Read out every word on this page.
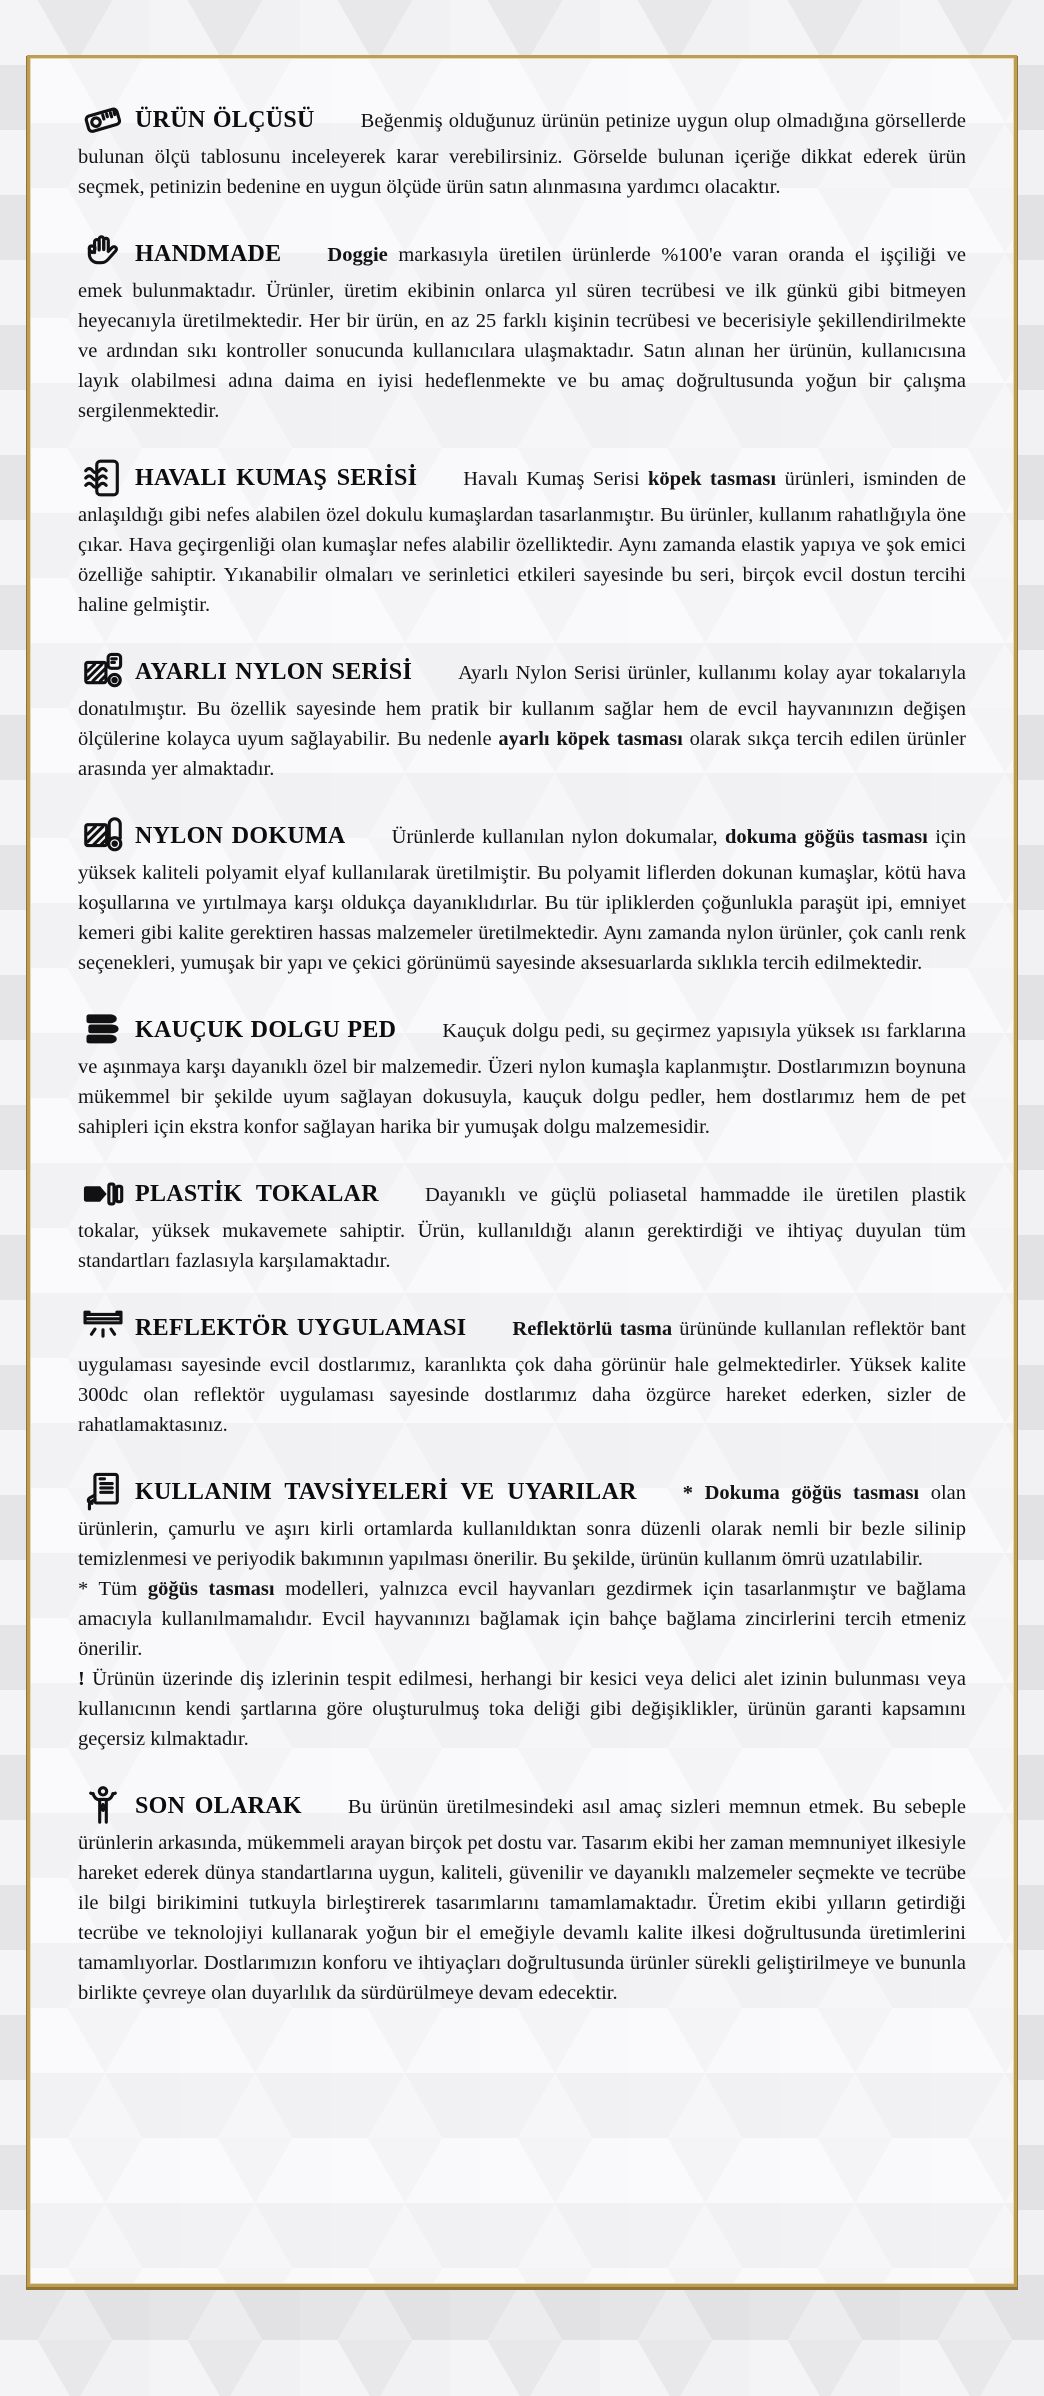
ÜRÜN ÖLÇÜSÜ Beğenmiş olduğunuz ürünün petinize uygun olup olmadığına görsellerde bulunan ölçü tablosunu inceleyerek karar verebilirsiniz. Görselde bulunan içeriğe dikkat ederek ürün seçmek, petinizin bedenine en uygun ölçüde ürün satın alınmasına yardımcı olacaktır.

HANDMADE Doggie markasıyla üretilen ürünlerde %100'e varan oranda el işçiliği ve emek bulunmaktadır. Ürünler, üretim ekibinin onlarca yıl süren tecrübesi ve ilk günkü gibi bitmeyen heyecanıyla üretilmektedir. Her bir ürün, en az 25 farklı kişinin tecrübesi ve becerisiyle şekillendirilmekte ve ardından sıkı kontroller sonucunda kullanıcılara ulaşmaktadır. Satın alınan her ürünün, kullanıcısına layık olabilmesi adına daima en iyisi hedeflenmekte ve bu amaç doğrultusunda yoğun bir çalışma sergilenmektedir.

HAVALI KUMAŞ SERİSİ Havalı Kumaş Serisi köpek tasması ürünleri, isminden de anlaşıldığı gibi nefes alabilen özel dokulu kumaşlardan tasarlanmıştır. Bu ürünler, kullanım rahatlığıyla öne çıkar. Hava geçirgenliği olan kumaşlar nefes alabilir özelliktedir. Aynı zamanda elastik yapıya ve şok emici özelliğe sahiptir. Yıkanabilir olmaları ve serinletici etkileri sayesinde bu seri, birçok evcil dostun tercihi haline gelmiştir.

AYARLI NYLON SERİSİ Ayarlı Nylon Serisi ürünler, kullanımı kolay ayar tokalarıyla donatılmıştır. Bu özellik sayesinde hem pratik bir kullanım sağlar hem de evcil hayvanınızın değişen ölçülerine kolayca uyum sağlayabilir. Bu nedenle ayarlı köpek tasması olarak sıkça tercih edilen ürünler arasında yer almaktadır.

NYLON DOKUMA Ürünlerde kullanılan nylon dokumalar, dokuma göğüs tasması için yüksek kaliteli polyamit elyaf kullanılarak üretilmiştir. Bu polyamit liflerden dokunan kumaşlar, kötü hava koşullarına ve yırtılmaya karşı oldukça dayanıklıdırlar. Bu tür ipliklerden çoğunlukla paraşüt ipi, emniyet kemeri gibi kalite gerektiren hassas malzemeler üretilmektedir. Aynı zamanda nylon ürünler, çok canlı renk seçenekleri, yumuşak bir yapı ve çekici görünümü sayesinde aksesuarlarda sıklıkla tercih edilmektedir.

KAUÇUK DOLGU PED Kauçuk dolgu pedi, su geçirmez yapısıyla yüksek ısı farklarına ve aşınmaya karşı dayanıklı özel bir malzemedir. Üzeri nylon kumaşla kaplanmıştır. Dostlarımızın boynuna mükemmel bir şekilde uyum sağlayan dokusuyla, kauçuk dolgu pedler, hem dostlarımız hem de pet sahipleri için ekstra konfor sağlayan harika bir yumuşak dolgu malzemesidir.

PLASTİK TOKALAR Dayanıklı ve güçlü poliasetal hammadde ile üretilen plastik tokalar, yüksek mukavemete sahiptir. Ürün, kullanıldığı alanın gerektirdiği ve ihtiyaç duyulan tüm standartları fazlasıyla karşılamaktadır.

REFLEKTÖR UYGULAMASI Reflektörlü tasma ürününde kullanılan reflektör bant uygulaması sayesinde evcil dostlarımız, karanlıkta çok daha görünür hale gelmektedirler. Yüksek kalite 300dc olan reflektör uygulaması sayesinde dostlarımız daha özgürce hareket ederken, sizler de rahatlamaktasınız.

KULLANIM TAVSİYELERİ VE UYARILAR * Dokuma göğüs tasması olan ürünlerin, çamurlu ve aşırı kirli ortamlarda kullanıldıktan sonra düzenli olarak nemli bir bezle silinip temizlenmesi ve periyodik bakımının yapılması önerilir. Bu şekilde, ürünün kullanım ömrü uzatılabilir.

* Tüm göğüs tasması modelleri, yalnızca evcil hayvanları gezdirmek için tasarlanmıştır ve bağlama amacıyla kullanılmamalıdır. Evcil hayvanınızı bağlamak için bahçe bağlama zincirlerini tercih etmeniz önerilir.

! Ürünün üzerinde diş izlerinin tespit edilmesi, herhangi bir kesici veya delici alet izinin bulunması veya kullanıcının kendi şartlarına göre oluşturulmuş toka deliği gibi değişiklikler, ürünün garanti kapsamını geçersiz kılmaktadır.

SON OLARAK Bu ürünün üretilmesindeki asıl amaç sizleri memnun etmek. Bu sebeple ürünlerin arkasında, mükemmeli arayan birçok pet dostu var. Tasarım ekibi her zaman memnuniyet ilkesiyle hareket ederek dünya standartlarına uygun, kaliteli, güvenilir ve dayanıklı malzemeler seçmekte ve tecrübe ile bilgi birikimini tutkuyla birleştirerek tasarımlarını tamamlamaktadır. Üretim ekibi yılların getirdiği tecrübe ve teknolojiyi kullanarak yoğun bir el emeğiyle devamlı kalite ilkesi doğrultusunda üretimlerini tamamlıyorlar. Dostlarımızın konforu ve ihtiyaçları doğrultusunda ürünler sürekli geliştirilmeye ve bununla birlikte çevreye olan duyarlılık da sürdürülmeye devam edecektir.
